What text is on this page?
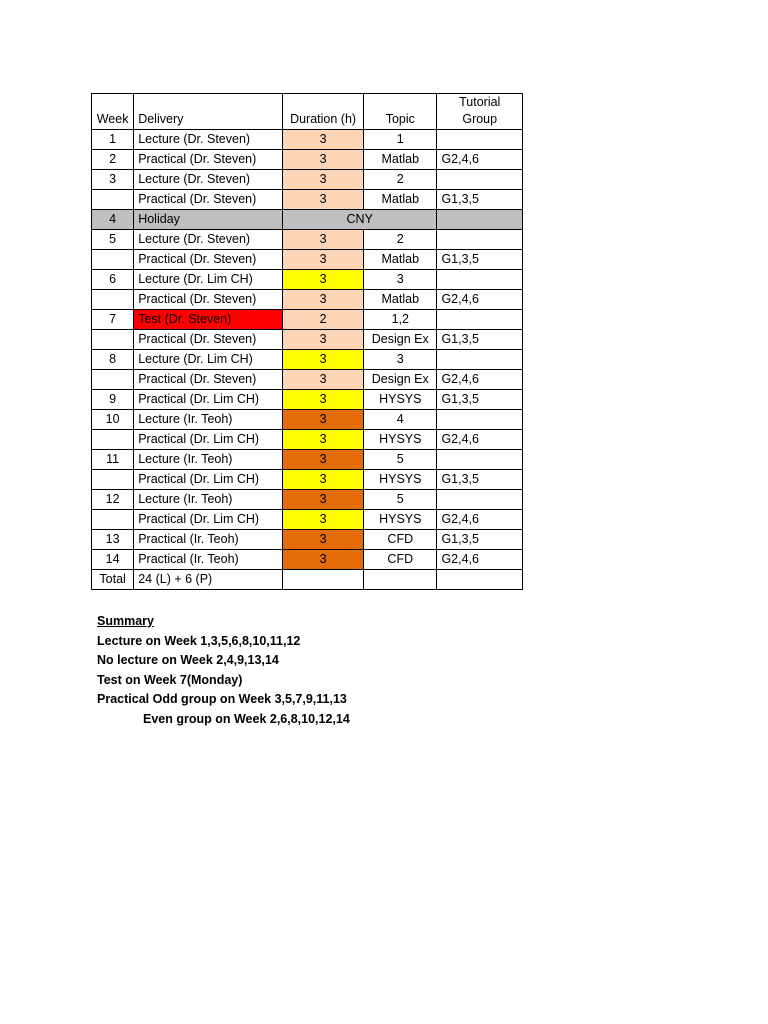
Week	Delivery	Duration (h)	Topic	Tutorial
Group
1	Lecture (Dr. Steven)	3	1	
2	Practical (Dr. Steven)	3	Matlab	G2,4,6
3	Lecture (Dr. Steven)	3	2	
	Practical (Dr. Steven)	3	Matlab	G1,3,5
4	Holiday	CNY		
5	Lecture (Dr. Steven)	3	2	
	Practical (Dr. Steven)	3	Matlab	G1,3,5
6	Lecture (Dr. Lim CH)	3	3	
	Practical (Dr. Steven)	3	Matlab	G2,4,6
7	Test (Dr. Steven)	2	1,2	
	Practical (Dr. Steven)	3	Design Ex	G1,3,5
8	Lecture (Dr. Lim CH)	3	3	
	Practical (Dr. Steven)	3	Design Ex	G2,4,6
9	Practical (Dr. Lim CH)	3	HYSYS	G1,3,5
10	Lecture (Ir. Teoh)	3	4	
	Practical (Dr. Lim CH)	3	HYSYS	G2,4,6
11	Lecture (Ir. Teoh)	3	5	
	Practical (Dr. Lim CH)	3	HYSYS	G1,3,5
12	Lecture (Ir. Teoh)	3	5	
	Practical (Dr. Lim CH)	3	HYSYS	G2,4,6
13	Practical (Ir. Teoh)	3	CFD	G1,3,5
14	Practical (Ir. Teoh)	3	CFD	G2,4,6
Total	24 (L) + 6 (P)			
Summary
Lecture on Week 1,3,5,6,8,10,11,12
No lecture on Week 2,4,9,13,14
Test on Week 7(Monday)
Practical Odd group on Week 3,5,7,9,11,13
Even group on Week 2,6,8,10,12,14
